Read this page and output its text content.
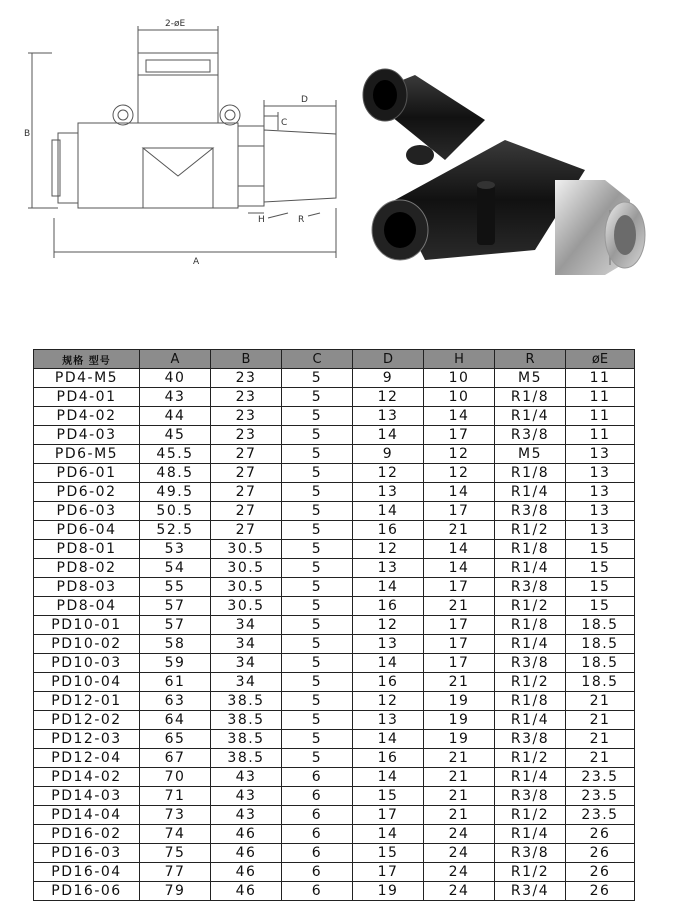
2-øE
D
C
B
A
H	R
规格 型号	A	B	C	D	H	R	øE
PD4-M5	40	23	5	9	10	M5	11
PD4-01	43	23	5	12	10	R1/8	11
PD4-02	44	23	5	13	14	R1/4	11
PD4-03	45	23	5	14	17	R3/8	11
PD6-M5	45.5	27	5	9	12	M5	13
PD6-01	48.5	27	5	12	12	R1/8	13
PD6-02	49.5	27	5	13	14	R1/4	13
PD6-03	50.5	27	5	14	17	R3/8	13
PD6-04	52.5	27	5	16	21	R1/2	13
PD8-01	53	30.5	5	12	14	R1/8	15
PD8-02	54	30.5	5	13	14	R1/4	15
PD8-03	55	30.5	5	14	17	R3/8	15
PD8-04	57	30.5	5	16	21	R1/2	15
PD10-01	57	34	5	12	17	R1/8	18.5
PD10-02	58	34	5	13	17	R1/4	18.5
PD10-03	59	34	5	14	17	R3/8	18.5
PD10-04	61	34	5	16	21	R1/2	18.5
PD12-01	63	38.5	5	12	19	R1/8	21
PD12-02	64	38.5	5	13	19	R1/4	21
PD12-03	65	38.5	5	14	19	R3/8	21
PD12-04	67	38.5	5	16	21	R1/2	21
PD14-02	70	43	6	14	21	R1/4	23.5
PD14-03	71	43	6	15	21	R3/8	23.5
PD14-04	73	43	6	17	21	R1/2	23.5
PD16-02	74	46	6	14	24	R1/4	26
PD16-03	75	46	6	15	24	R3/8	26
PD16-04	77	46	6	17	24	R1/2	26
PD16-06	79	46	6	19	24	R3/4	26
